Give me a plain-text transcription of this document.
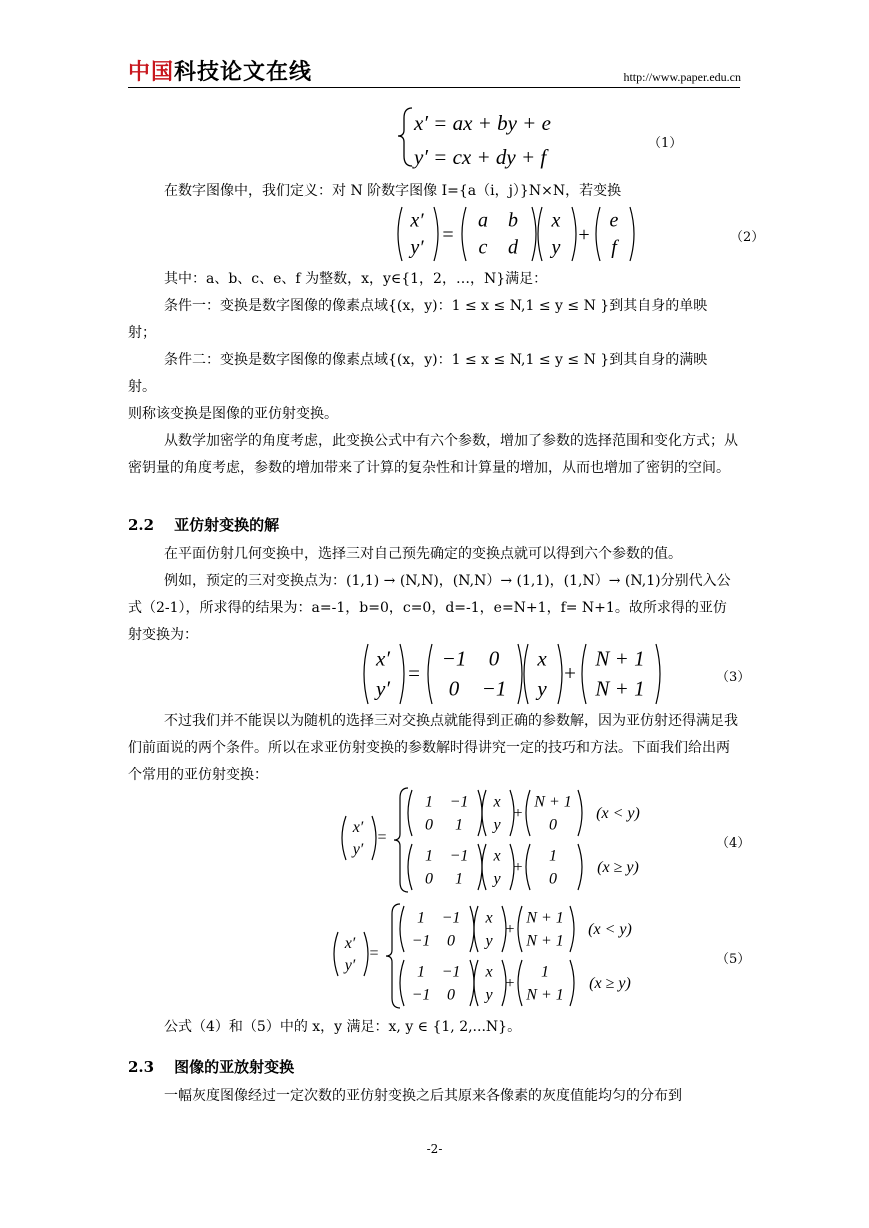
中国科技论文在线	http://www.paper.edu.cn
x′ = ax + by + e
y′ = cx + dy + f
（1）
在数字图像中，我们定义：对 N 阶数字图像 I={a（i，j）}N×N，若变换
x′
y′
=
a b
c d
x
y
+
e
f	（2）
其中：a、b、c、e、f 为整数，x，y∈{1，2，…，N}满足：
条件一：变换是数字图像的像素点域{(x，y)：1 ≤ x ≤ N,1 ≤ y ≤ N }到其自身的单映
射；
条件二：变换是数字图像的像素点域{(x，y)：1 ≤ x ≤ N,1 ≤ y ≤ N }到其自身的满映
射。
则称该变换是图像的亚仿射变换。
从数学加密学的角度考虑，此变换公式中有六个参数，增加了参数的选择范围和变化方式；从密钥量的角度考虑，参数的增加带来了计算的复杂性和计算量的增加，从而也增加了密钥的空间。
2.2 亚仿射变换的解
在平面仿射几何变换中，选择三对自己预先确定的变换点就可以得到六个参数的值。
例如，预定的三对变换点为：(1,1) → (N,N)，(N,N）→ (1,1)，(1,N）→ (N,1)分别代入公式（2-1），所求得的结果为：a=-1，b=0，c=0，d=-1，e=N+1，f= N+1。故所求得的亚仿射变换为：
x′
y′
=
−1 0
0 −1
x
y
+
N + 1
N + 1	（3）
不过我们并不能误以为随机的选择三对交换点就能得到正确的参数解，因为亚仿射还得满足我们前面说的两个条件。所以在求亚仿射变换的参数解时得讲究一定的技巧和方法。下面我们给出两个常用的亚仿射变换：
x′
y′
=
1 −1
0 1
x
y
+
N + 1
0
(x < y)
1 −1
0 1
x
y
+
1
0
(x ≥ y)
（4）
x′
y′
=
1 −1
−1 0
x
y
+
N + 1
N + 1
(x < y)
1 −1
−1 0
x
y
+
1
N + 1
(x ≥ y)
（5）
公式（4）和（5）中的 x，y 满足：x, y ∈ {1, 2,...N}。
2.3 图像的亚放射变换
一幅灰度图像经过一定次数的亚仿射变换之后其原来各像素的灰度值能均匀的分布到
-2-
